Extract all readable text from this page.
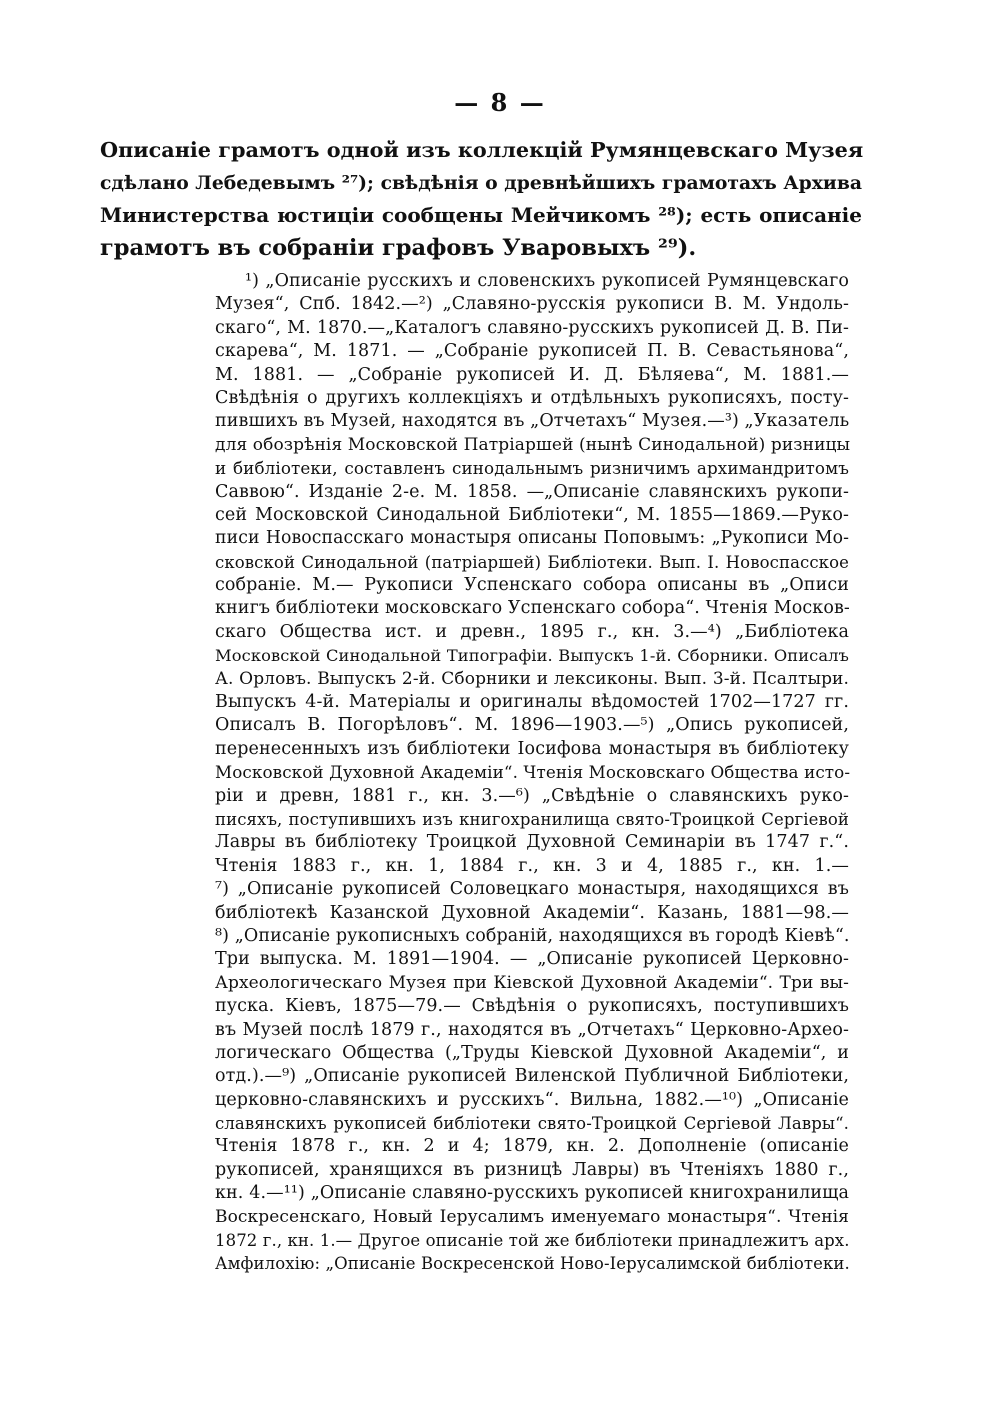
— 8 —
Описаніе грамотъ одной изъ коллекцій Румянцевскаго Музея
сдѣлано Лебедевымъ ²⁷); свѣдѣнія о древнѣйшихъ грамотахъ Архива
Министерства юстиціи сообщены Мейчикомъ ²⁸); есть описаніе
грамотъ въ собраніи графовъ Уваровыхъ ²⁹).
¹) „Описаніе русскихъ и словенскихъ рукописей Румянцевскаго
Музея“, Спб. 1842.—²) „Славяно-русскія рукописи В. М. Ундоль-
скаго“, М. 1870.—„Каталогъ славяно-русскихъ рукописей Д. В. Пи-
скарева“, М. 1871. — „Собраніе рукописей П. В. Севастьянова“,
М. 1881. — „Собраніе рукописей И. Д. Бѣляева“, М. 1881.—
Свѣдѣнія о другихъ коллекціяхъ и отдѣльныхъ рукописяхъ, посту-
пившихъ въ Музей, находятся въ „Отчетахъ“ Музея.—³) „Указатель
для обозрѣнія Московской Патріаршей (нынѣ Синодальной) ризницы
и библіотеки, составленъ синодальнымъ ризничимъ архимандритомъ
Саввою“. Изданіе 2-е. М. 1858. —„Описаніе славянскихъ рукопи-
сей Московской Синодальной Библіотеки“, М. 1855—1869.—Руко-
писи Новоспасскаго монастыря описаны Поповымъ: „Рукописи Мо-
сковской Синодальной (патріаршей) Библіотеки. Вып. I. Новоспасское
собраніе. М.— Рукописи Успенскаго собора описаны въ „Описи
книгъ библіотеки московскаго Успенскаго собора“. Чтенія Москов-
скаго Общества ист. и древн., 1895 г., кн. 3.—⁴) „Библіотека
Московской Синодальной Типографіи. Выпускъ 1-й. Сборники. Описалъ
А. Орловъ. Выпускъ 2-й. Сборники и лексиконы. Вып. 3-й. Псалтыри.
Выпускъ 4-й. Матеріалы и оригиналы вѣдомостей 1702—1727 гг.
Описалъ В. Погорѣловъ“. М. 1896—1903.—⁵) „Опись рукописей,
перенесенныхъ изъ библіотеки Іосифова монастыря въ библіотеку
Московской Духовной Академіи“. Чтенія Московскаго Общества исто-
ріи и древн, 1881 г., кн. 3.—⁶) „Свѣдѣніе о славянскихъ руко-
писяхъ, поступившихъ изъ книгохранилища свято-Троицкой Сергіевой
Лавры въ библіотеку Троицкой Духовной Семинаріи въ 1747 г.“.
Чтенія 1883 г., кн. 1, 1884 г., кн. 3 и 4, 1885 г., кн. 1.—
⁷) „Описаніе рукописей Соловецкаго монастыря, находящихся въ
библіотекѣ Казанской Духовной Академіи“. Казань, 1881—98.—
⁸) „Описаніе рукописныхъ собраній, находящихся въ городѣ Кіевѣ“.
Три выпуска. М. 1891—1904. — „Описаніе рукописей Церковно-
Археологическаго Музея при Кіевской Духовной Академіи“. Три вы-
пуска. Кіевъ, 1875—79.— Свѣдѣнія о рукописяхъ, поступившихъ
въ Музей послѣ 1879 г., находятся въ „Отчетахъ“ Церковно-Архео-
логическаго Общества („Труды Кіевской Духовной Академіи“, и
отд.).—⁹) „Описаніе рукописей Виленской Публичной Библіотеки,
церковно-славянскихъ и русскихъ“. Вильна, 1882.—¹⁰) „Описаніе
славянскихъ рукописей библіотеки свято-Троицкой Сергіевой Лавры“.
Чтенія 1878 г., кн. 2 и 4; 1879, кн. 2. Дополненіе (описаніе
рукописей, хранящихся въ ризницѣ Лавры) въ Чтеніяхъ 1880 г.,
кн. 4.—¹¹) „Описаніе славяно-русскихъ рукописей книгохранилища
Воскресенскаго, Новый Іерусалимъ именуемаго монастыря“. Чтенія
1872 г., кн. 1.— Другое описаніе той же библіотеки принадлежитъ арх.
Амфилохію: „Описаніе Воскресенской Ново-Іерусалимской библіотеки.
